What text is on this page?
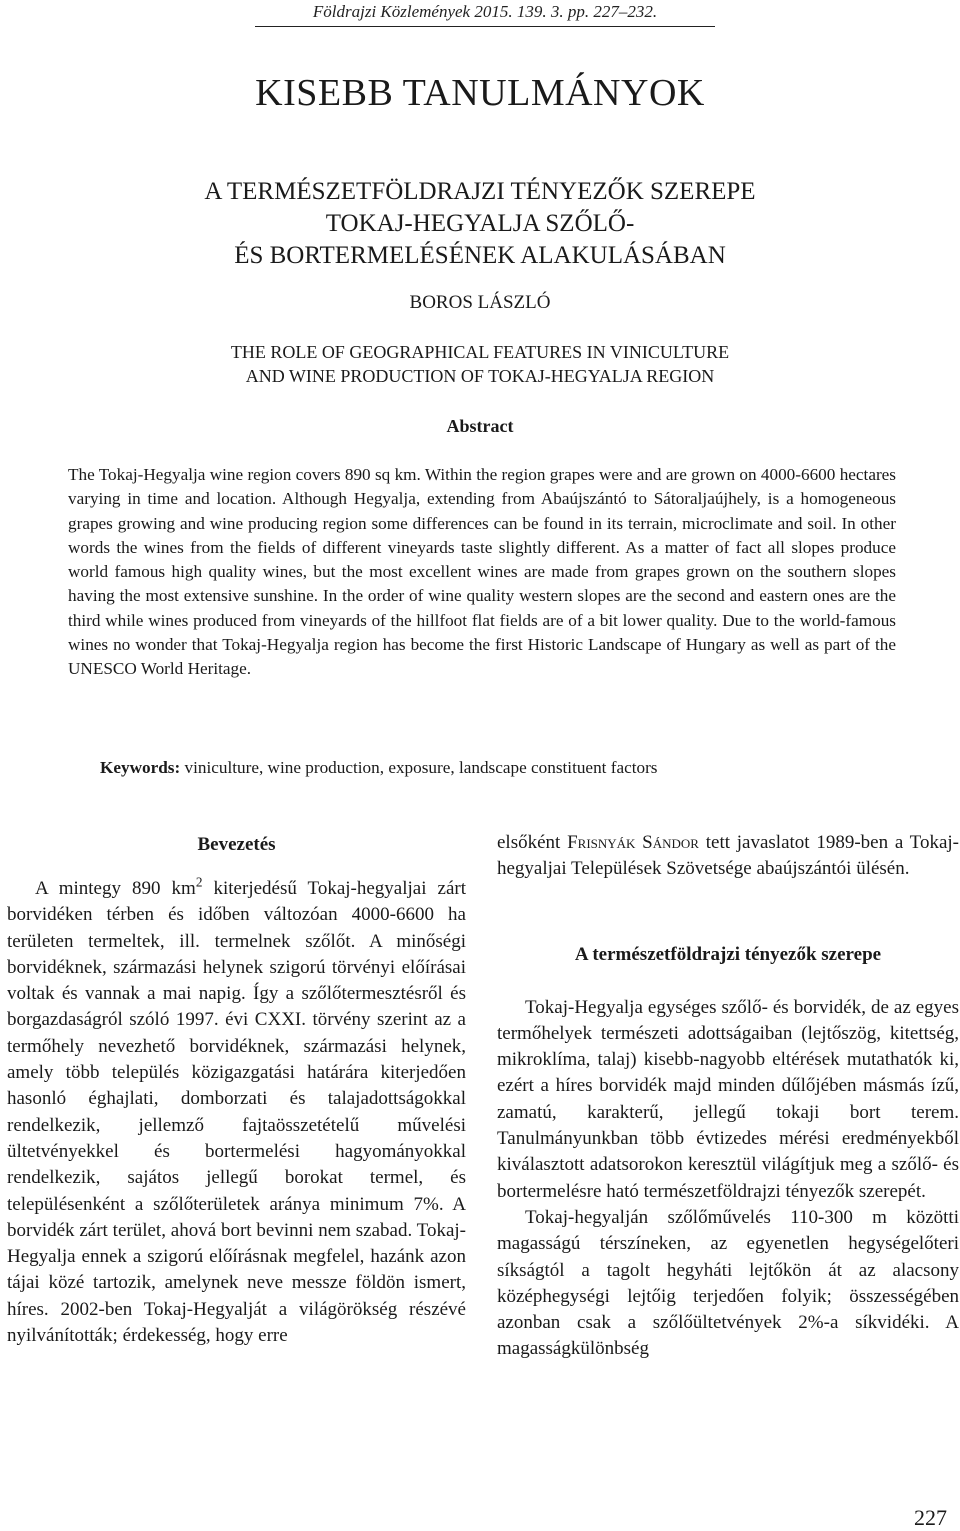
Földrajzi Közlemények 2015. 139. 3. pp. 227–232.
KISEBB TANULMÁNYOK
A TERMÉSZETFÖLDRAJZI TÉNYEZŐK SZEREPE
TOKAJ-HEGYALJA SZŐLŐ-
ÉS BORTERMELÉSÉNEK ALAKULÁSÁBAN
BOROS LÁSZLÓ
THE ROLE OF GEOGRAPHICAL FEATURES IN VINICULTURE
AND WINE PRODUCTION OF TOKAJ-HEGYALJA REGION
Abstract
The Tokaj-Hegyalja wine region covers 890 sq km. Within the region grapes were and are grown on 4000-6600 hectares varying in time and location. Although Hegyalja, extending from Abaújszántó to Sátoraljaújhely, is a homogeneous grapes growing and wine producing region some differences can be found in its terrain, microclimate and soil. In other words the wines from the fields of different vineyards taste slightly different. As a matter of fact all slopes produce world famous high quality wines, but the most excellent wines are made from grapes grown on the southern slopes having the most extensive sunshine. In the order of wine quality western slopes are the second and eastern ones are the third while wines produced from vineyards of the hillfoot flat fields are of a bit lower quality. Due to the world-famous wines no wonder that Tokaj-Hegyalja region has become the first Historic Landscape of Hungary as well as part of the UNESCO World Heritage.
Keywords: viniculture, wine production, exposure, landscape constituent factors
Bevezetés

A mintegy 890 $km^2$ kiterjedésű Tokaj-hegyaljai zárt borvidéken térben és időben változóan 4000-6600 ha területen termeltek, ill. termelnek szőlőt. A minőségi borvidéknek, származási helynek szigorú törvényi előírásai voltak és vannak a mai napig. Így a szőlőtermesztésről és borgazdaságról szóló 1997. évi CXXI. törvény szerint az a termőhely nevezhető borvidéknek, származási helynek, amely több település közigazgatási határára kiterjedően hasonló éghajlati, domborzati és talajadottságokkal rendelkezik, jellemző fajtaösszetételű művelési ültetvényekkel és bortermelési hagyományokkal rendelkezik, sajátos jellegű borokat termel, és településenként a szőlőterületek aránya minimum 7%. A borvidék zárt terület, ahová bort bevinni nem szabad. Tokaj-Hegyalja ennek a szigorú előírásnak megfelel, hazánk azon tájai közé tartozik, amelynek neve messze földön ismert, híres. 2002-ben Tokaj-Hegyalját a világörökség részévé nyilvánították; érdekesség, hogy erre

elsőként Frisnyák Sándor tett javaslatot 1989-ben a Tokaj-hegyaljai Települések Szövetsége abaújszántói ülésén.

A természetföldrajzi tényezők szerepe

Tokaj-Hegyalja egységes szőlő- és borvidék, de az egyes termőhelyek természeti adottságaiban (lejtőszög, kitettség, mikroklíma, talaj) kisebb-nagyobb eltérések mutathatók ki, ezért a híres borvidék majd minden dűlőjében másmás ízű, zamatú, karakterű, jellegű tokaji bort terem. Tanulmányunkban több évtizedes mérési eredményekből kiválasztott adatsorokon keresztül világítjuk meg a szőlő- és bortermelésre ható természetföldrajzi tényezők szerepét.

Tokaj-hegyalján szőlőművelés 110-300 m közötti magasságú térszíneken, az egyenetlen hegységelőteri síkságtól a tagolt hegyháti lejtőkön át az alacsony középhegységi lejtőig terjedően folyik; összességében azonban csak a szőlőültetvények 2%-a síkvidéki. A magasságkülönbség

227
